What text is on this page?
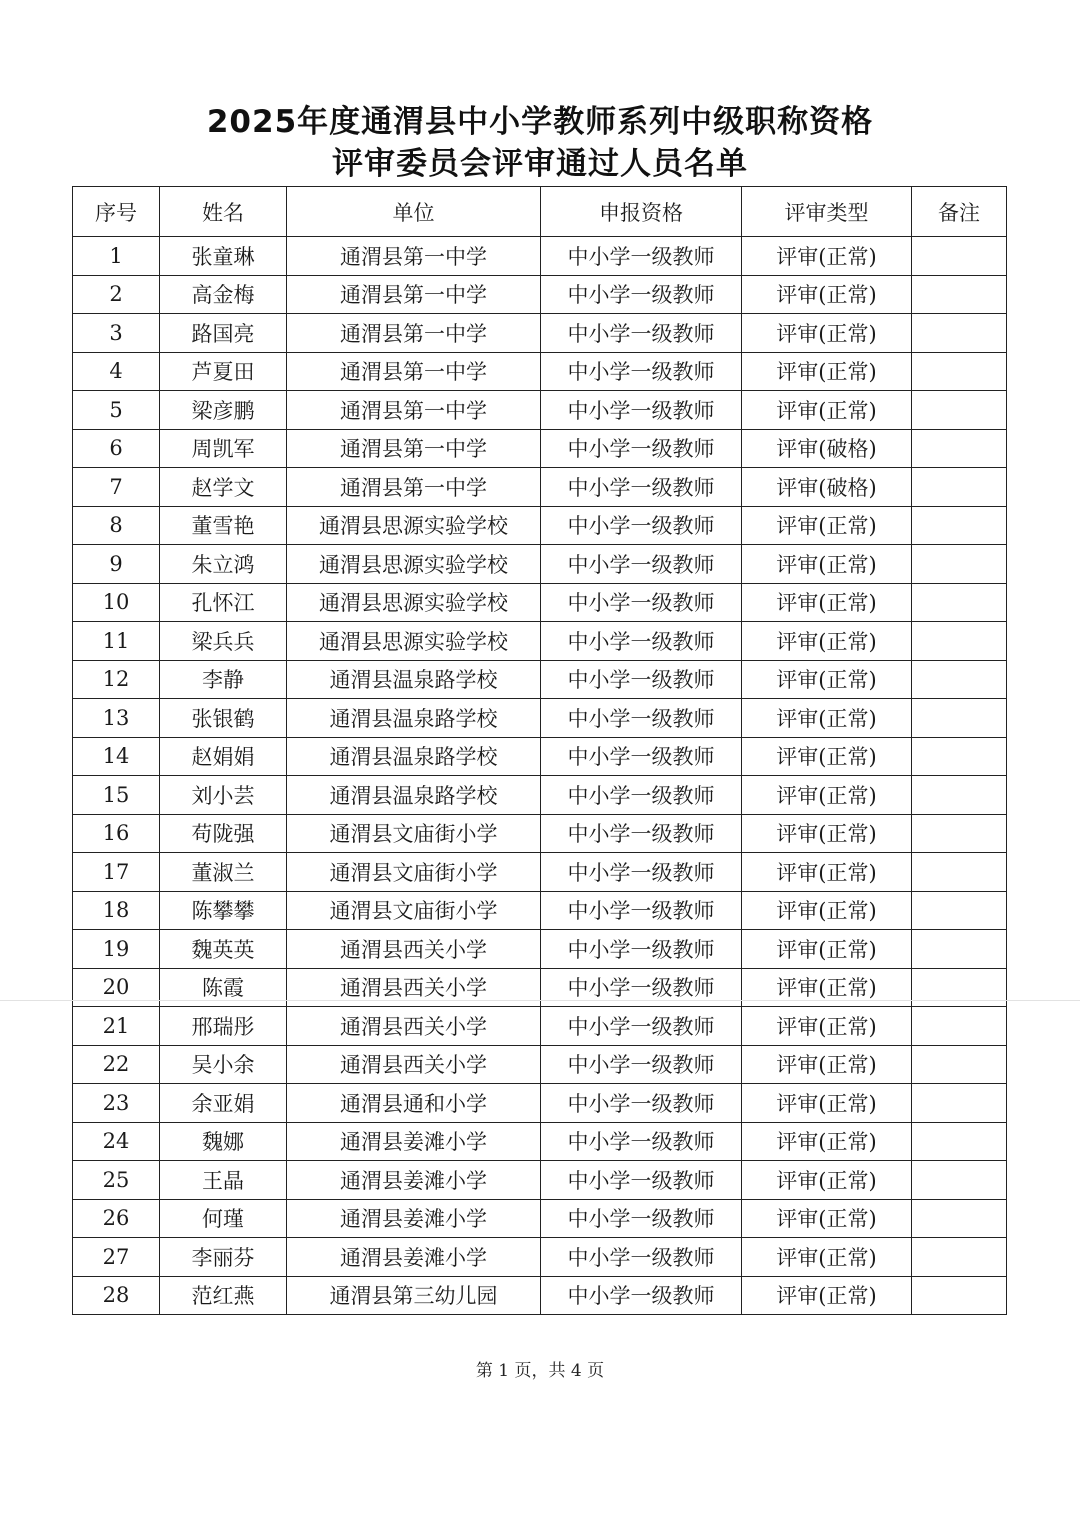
2025年度通渭县中小学教师系列中级职称资格
评审委员会评审通过人员名单
序号	姓名	单位	申报资格	评审类型	备注
1	张童琳	通渭县第一中学	中小学一级教师	评审(正常)	
2	高金梅	通渭县第一中学	中小学一级教师	评审(正常)	
3	路国亮	通渭县第一中学	中小学一级教师	评审(正常)	
4	芦夏田	通渭县第一中学	中小学一级教师	评审(正常)	
5	梁彦鹏	通渭县第一中学	中小学一级教师	评审(正常)	
6	周凯军	通渭县第一中学	中小学一级教师	评审(破格)	
7	赵学文	通渭县第一中学	中小学一级教师	评审(破格)	
8	董雪艳	通渭县思源实验学校	中小学一级教师	评审(正常)	
9	朱立鸿	通渭县思源实验学校	中小学一级教师	评审(正常)	
10	孔怀江	通渭县思源实验学校	中小学一级教师	评审(正常)	
11	梁兵兵	通渭县思源实验学校	中小学一级教师	评审(正常)	
12	李静	通渭县温泉路学校	中小学一级教师	评审(正常)	
13	张银鹤	通渭县温泉路学校	中小学一级教师	评审(正常)	
14	赵娟娟	通渭县温泉路学校	中小学一级教师	评审(正常)	
15	刘小芸	通渭县温泉路学校	中小学一级教师	评审(正常)	
16	苟陇强	通渭县文庙街小学	中小学一级教师	评审(正常)	
17	董淑兰	通渭县文庙街小学	中小学一级教师	评审(正常)	
18	陈攀攀	通渭县文庙街小学	中小学一级教师	评审(正常)	
19	魏英英	通渭县西关小学	中小学一级教师	评审(正常)	
20	陈霞	通渭县西关小学	中小学一级教师	评审(正常)	
21	邢瑞彤	通渭县西关小学	中小学一级教师	评审(正常)	
22	吴小余	通渭县西关小学	中小学一级教师	评审(正常)	
23	余亚娟	通渭县通和小学	中小学一级教师	评审(正常)	
24	魏娜	通渭县姜滩小学	中小学一级教师	评审(正常)	
25	王晶	通渭县姜滩小学	中小学一级教师	评审(正常)	
26	何瑾	通渭县姜滩小学	中小学一级教师	评审(正常)	
27	李丽芬	通渭县姜滩小学	中小学一级教师	评审(正常)	
28	范红燕	通渭县第三幼儿园	中小学一级教师	评审(正常)	
第 1 页，共 4 页
